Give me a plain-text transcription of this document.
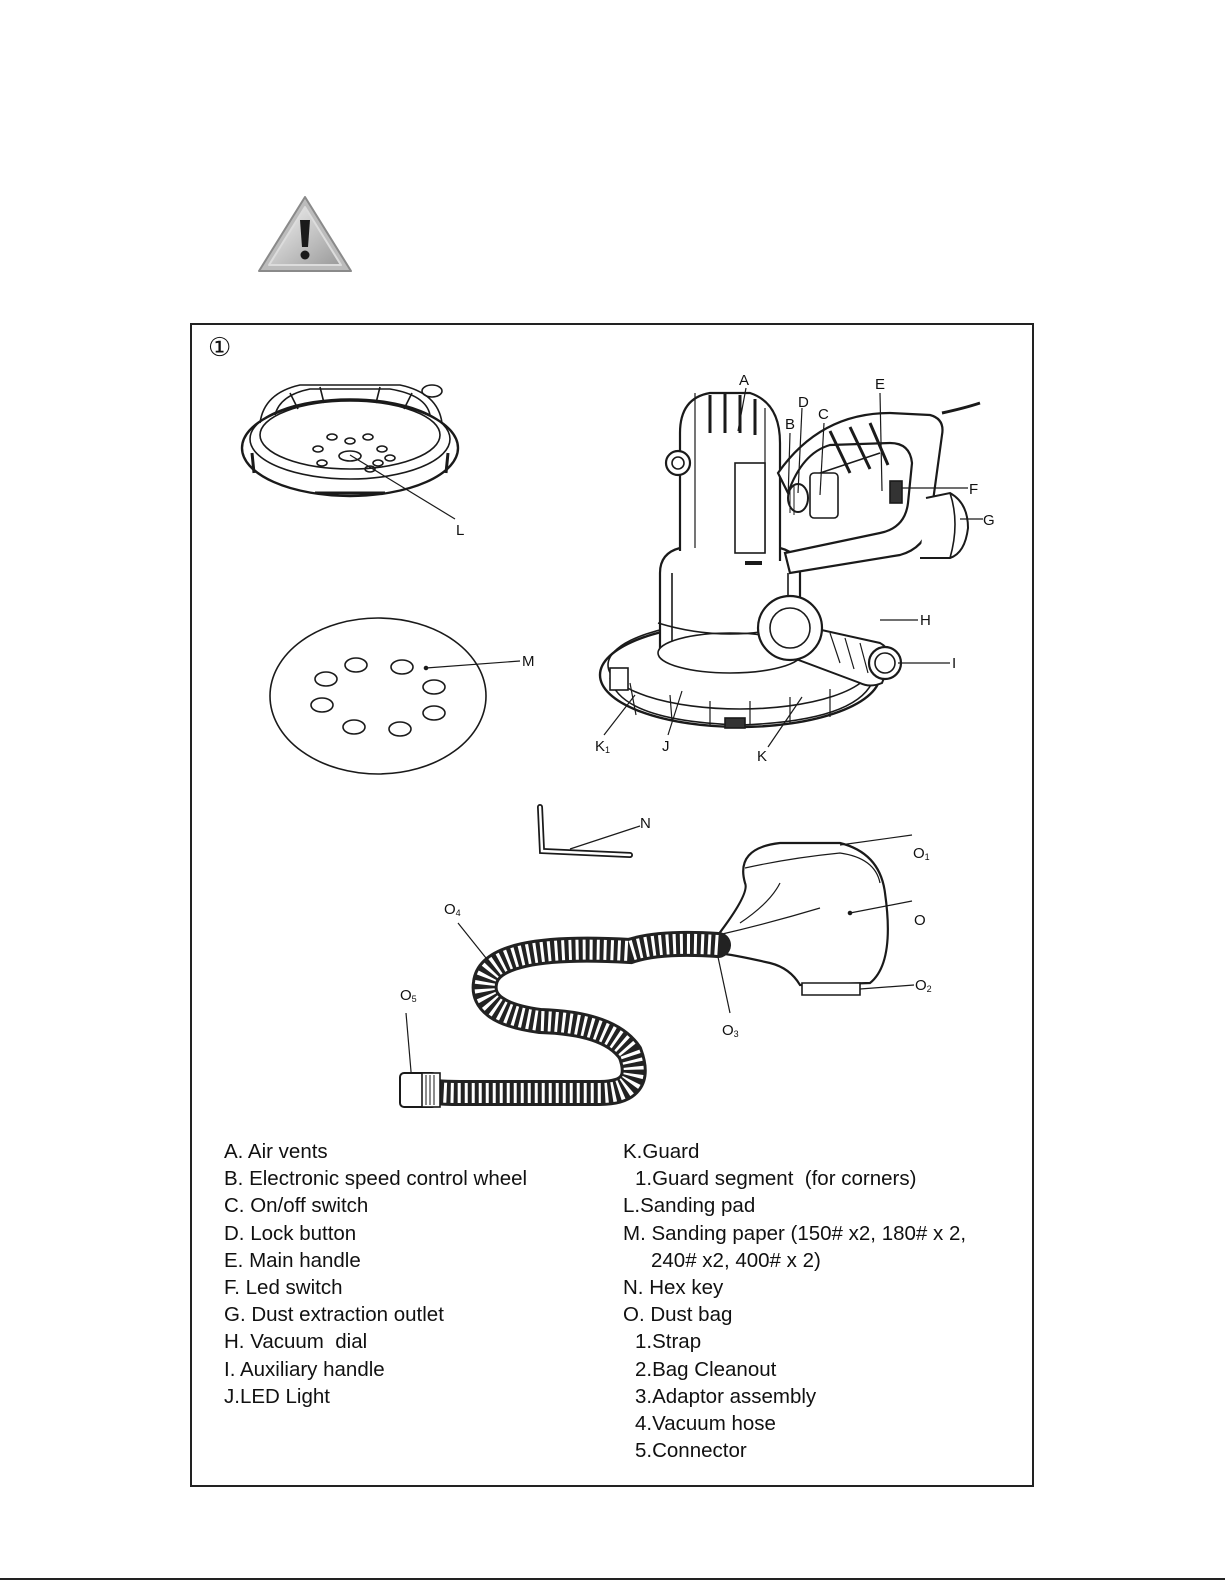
①
A	E
D
C
B
F
G
H
I
L
M
K1	J
K
N
O1
O
O2
O3
O4
O5
A. Air vents
B. Electronic speed control wheel
C. On/off switch
D. Lock button
E. Main handle
F. Led switch
G. Dust extraction outlet
H. Vacuum  dial
I. Auxiliary handle
J.LED Light
K.Guard
1.Guard segment  (for corners)
L.Sanding pad
M. Sanding paper (150# x2, 180# x 2,
240# x2, 400# x 2)
N. Hex key
O. Dust bag
1.Strap
2.Bag Cleanout
3.Adaptor assembly
4.Vacuum hose
5.Connector
